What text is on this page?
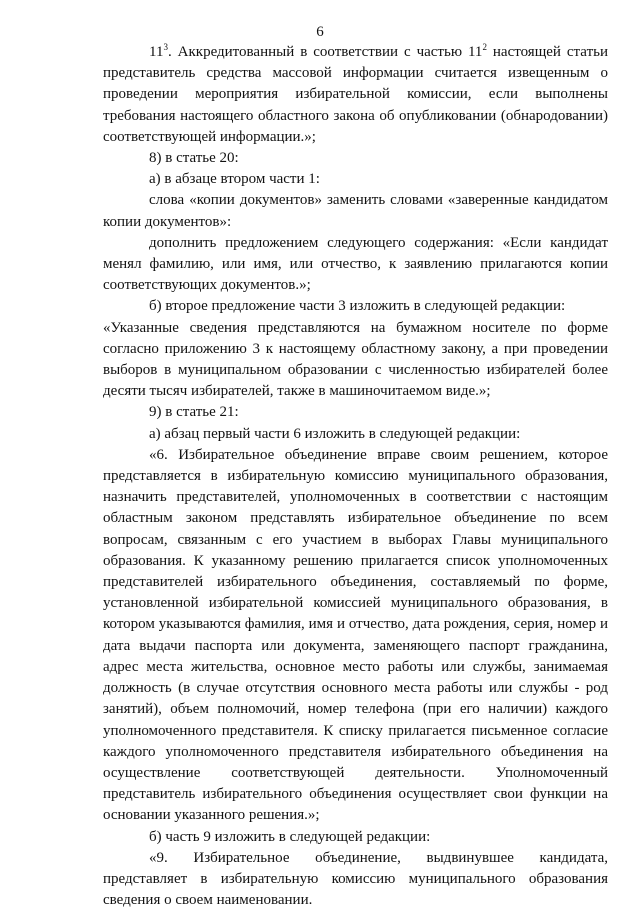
6

$11^3$. Аккредитованный в соответствии с частью $11^2$ настоящей статьи представитель средства массовой информации считается извещенным о проведении мероприятия избирательной комиссии, если выполнены требования настоящего областного закона об опубликовании (обнародовании) соответствующей информации.»;

8) в статье 20:

а) в абзаце втором части 1:

слова «копии документов» заменить словами «заверенные кандидатом копии документов»:

дополнить предложением следующего содержания: «Если кандидат менял фамилию, или имя, или отчество, к заявлению прилагаются копии соответствующих документов.»;

б) второе предложение части 3 изложить в следующей редакции:

«Указанные сведения представляются на бумажном носителе по форме согласно приложению 3 к настоящему областному закону, а при проведении выборов в муниципальном образовании с численностью избирателей более десяти тысяч избирателей, также в машиночитаемом виде.»;

9) в статье 21:

а) абзац первый части 6 изложить в следующей редакции:

«6. Избирательное объединение вправе своим решением, которое представляется в избирательную комиссию муниципального образования, назначить представителей, уполномоченных в соответствии с настоящим областным законом представлять избирательное объединение по всем вопросам, связанным с его участием в выборах Главы муниципального образования. К указанному решению прилагается список уполномоченных представителей избирательного объединения, составляемый по форме, установленной избирательной комиссией муниципального образования, в котором указываются фамилия, имя и отчество, дата рождения, серия, номер и дата выдачи паспорта или документа, заменяющего паспорт гражданина, адрес места жительства, основное место работы или службы, занимаемая должность (в случае отсутствия основного места работы или службы - род занятий), объем полномочий, номер телефона (при его наличии) каждого уполномоченного представителя. К списку прилагается письменное согласие каждого уполномоченного представителя избирательного объединения на осуществление соответствующей деятельности. Уполномоченный представитель избирательного объединения осуществляет свои функции на основании указанного решения.»;

б) часть 9 изложить в следующей редакции:

«9. Избирательное объединение, выдвинувшее кандидата, представляет в избирательную комиссию муниципального образования сведения о своем наименовании.
